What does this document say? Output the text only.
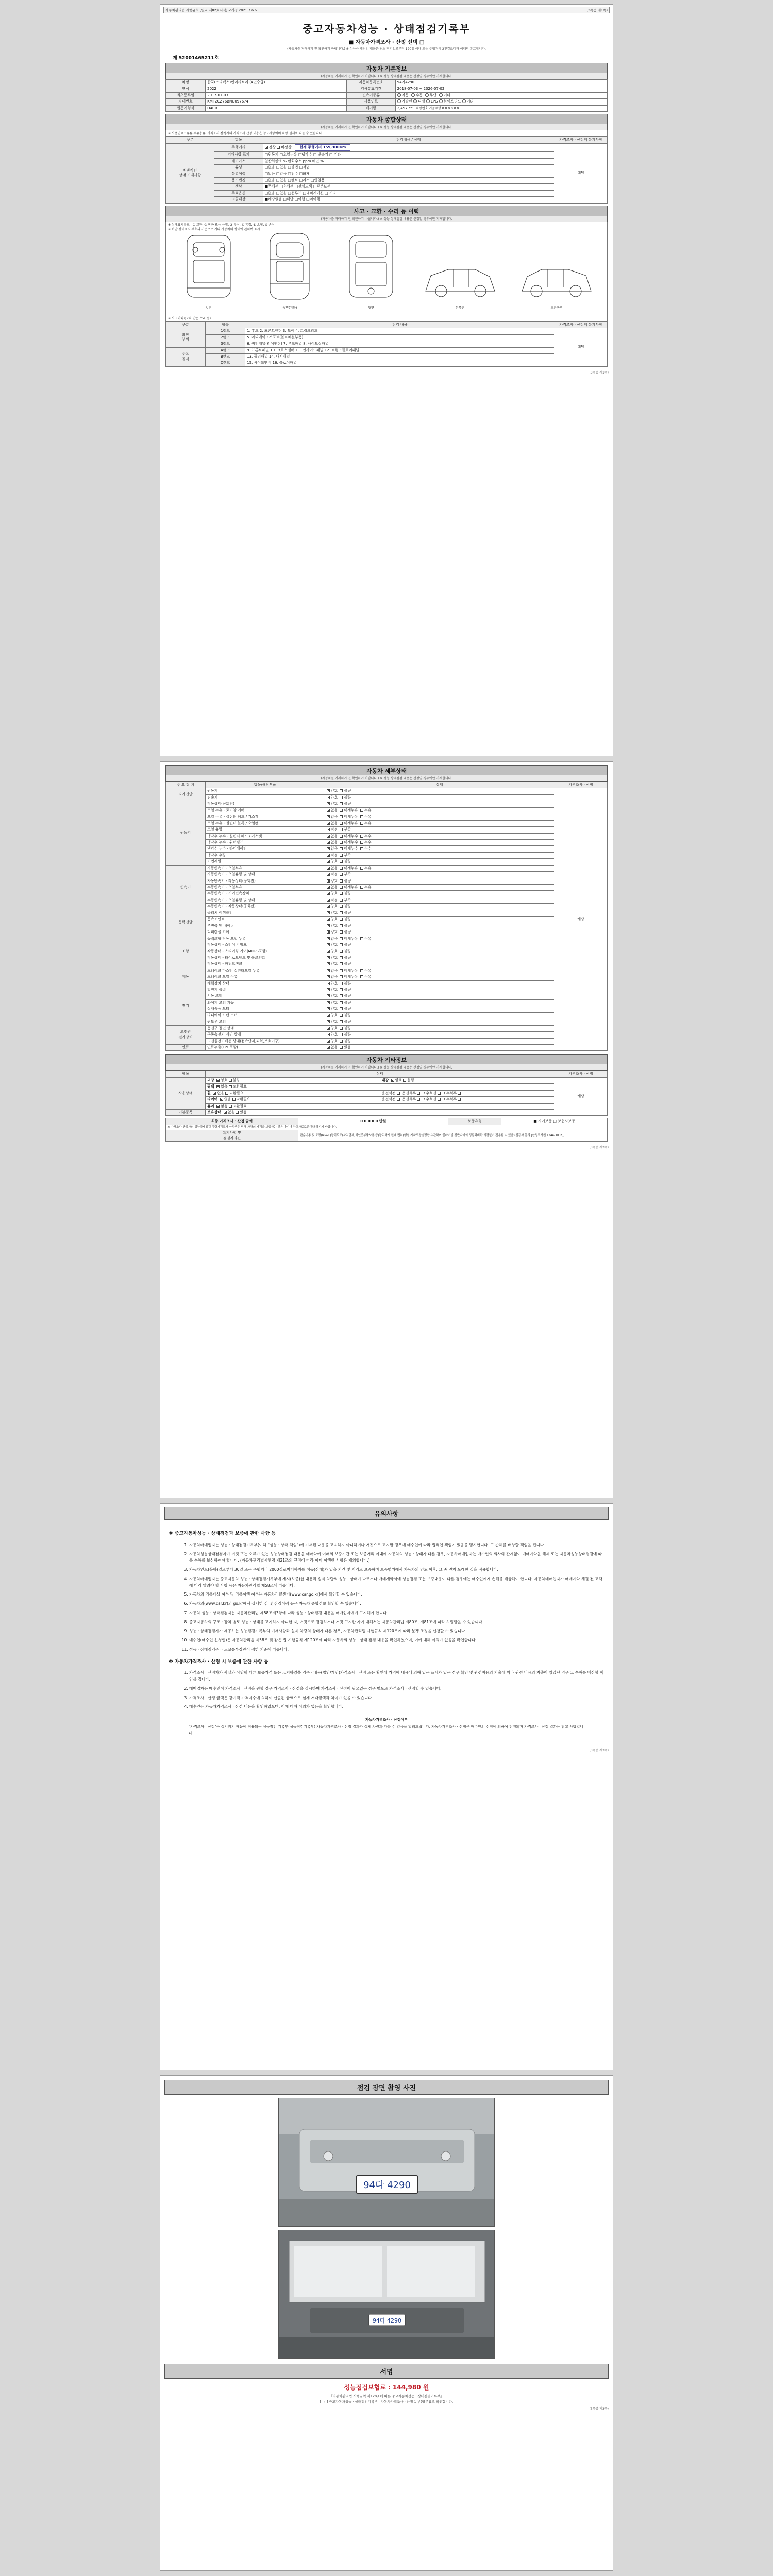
자동차관리법 시행규칙 [별지 제82호서식] <개정 2021.7.6.>	(3쪽중 제1쪽)
중고자동차성능 · 상태점검기록부
■ 자동차가격조사 · 산정 선택 □
(자동차를 거래하기 전 확인하기 바랍니다.) ※ 성능·상태점검 내용은 최초 점검일로부터 120일 이내 또는 주행거리 2천킬로미터 이내만 유효합니다.
제 52001465211호
자동차 기본정보
(자동차를 거래하기 전 확인하기 바랍니다.) ※ 성능·상태점검 내용은 산정일 경우에만 기재합니다.
차명	한국(스타렉스)벤리리트리 (4인승급)	자동차등록번호	94가4290
연식	2022	검사유효기간	2018-07-03 ~ 2026-07-02
최초등록일	2017-07-03	변속기종류	자동 수동 무단 기타
차대번호	KMFZCZ76BNU097674	사용연료	가솔린 디젤 LPG 하이브리드 기타
원동기형식	D4CB	배기량	2,497 cc 차량번호 기준주행 0 0 0 0 0 0
자동차 종합상태
(자동차를 거래하기 전 확인하기 바랍니다.) ※ 성능·상태점검 내용은 산정일 경우에만 기재합니다.
※ 사용연료 : 유류 주유용유, 가격조사·산정자의 가격조사·산정 내용은 참고사항이며 차량 실제와 다를 수 있습니다.
구분	항목	점검내용 / 상태	가격조사 · 산정액 특기사항
전반적인
상태 기재사항	주행거리	정상 비정상 현재 주행거리 159,300Km	해당
	기재사항 표기	□원동기 □오일누유 □냉각수 □ 변속기 □ 기타	
	배기가스	일산화탄소 % 탄화수소 ppm 매연 %	
	튜닝	□없음 □있음 □불법 □적법	
	특별이력	□없음 □있음 □침수 □화재	
	용도변경	□없음 □있음 □렌트 □리스 □영업용	
	색상	■무채색 □유채색 □전체도색 □부분도색	
	주요옵션	□없음 □있음 □선루프 □내비게이션 □ 기타	
	리콜대상	■해당없음 □해당 □이행 □미이행	
사고 · 교환 · 수리 등 이력
(자동차를 거래하기 전 확인하기 바랍니다.) ※ 성능·상태점검 내용은 산정일 경우에만 기재합니다.
※ 상태표시부호 : ① 교환, ② 판금 또는 용접, ③ 부식, ④ 흠집, ⑤ 요철, ⑥ 손상
※ 하단 상태표시 부호의 기준으로 기타 자동차의 상태에 관하여 표시
앞면	윗면(지붕)	뒷면	왼쪽면	오른쪽면
※ 사고이력 (교차·단순 수리 등)
구분	항목	점검 내용	가격조사 · 산정액 특기사항
외판
부위	1랭크	1. 후드 2. 프론트펜더 3. 도어 4. 트렁크리드	해당
	2랭크	5. 라디에이터서포트(볼트체결부품)	
	3랭크	6. 쿼터패널(리어펜더) 7. 루프패널 8. 사이드실패널	
주요
골격	A랭크	9. 프론트패널 10. 크로스멤버 11. 인사이드패널 12. 트렁크플로어패널	
	B랭크	13. 필러패널 14. 대시패널	
	C랭크	15. 사이드멤버 16. 플로어패널	
(3쪽중 제1쪽)
자동차 세부상태
(자동차를 거래하기 전 확인하기 바랍니다.) ※ 성능·상태점검 내용은 산정일 경우에만 기재합니다.
주 요 장 치	항목/해당부품	상태	가격조사 · 산정
자기진단	원동기	양호 불량	해당
	변속기	양호 불량	
원동기	작동상태(공회전)	양호 불량	
	오일 누유 - 로커암 커버	없음 미세누유 누유	
	오일 누유 - 실린더 헤드 / 가스켓	없음 미세누유 누유	
	오일 누유 - 실린더 블록 / 오일팬	없음 미세누유 누유	
	오일 유량	적정 부족	
	냉각수 누수 - 실린더 헤드 / 가스켓	없음 미세누수 누수	
	냉각수 누수 - 워터펌프	없음 미세누수 누수	
	냉각수 누수 - 라디에이터	없음 미세누수 누수	
	냉각수 수량	적정 부족	
	커먼레일	양호 불량	
변속기	자동변속기 - 오일누유	없음 미세누유 누유	
	자동변속기 - 오일유량 및 상태	적정 부족	
	자동변속기 - 작동상태(공회전)	양호 불량	
	수동변속기 - 오일누유	없음 미세누유 누유	
	수동변속기 - 기어변속장치	양호 불량	
	수동변속기 - 오일유량 및 상태	적정 부족	
	수동변속기 - 작동상태(공회전)	양호 불량	
동력전달	클러치 어셈블리	양호 불량	
	등속조인트	양호 불량	
	추진축 및 베어링	양호 불량	
	디퍼렌셜 기어	양호 불량	
조향	동력조향 작동 오일 누유	없음 미세누유 누유	
	작동상태 - 스티어링 펌프	양호 불량	
	작동상태 - 스티어링 기어(MDPS포함)	양호 불량	
	작동상태 - 타이로드엔드 및 볼조인트	양호 불량	
	작동상태 - 파워크랭크	양호 불량	
제동	브레이크 마스터 실린더오일 누유	없음 미세누유 누유	
	브레이크 오일 누유	없음 미세누유 누유	
	배력장치 상태	양호 불량	
전기	발전기 출력	양호 불량	
	시동 모터	양호 불량	
	와이퍼 모터 기능	양호 불량	
	실내송풍 모터	양호 불량	
	라디에이터 팬 모터	양호 불량	
	윈도우 모터	양호 불량	
고전원
전기장치	충전구 절연 상태	양호 불량	
	구동축전지 격리 상태	양호 불량	
	고전원전기배선 상태(접속단자,피복,보호기구)	양호 불량	
연료	연료누출(LPG포함)	없음 있음	
자동차 기타정보
(자동차를 거래하기 전 확인하기 바랍니다.) ※ 성능·상태점검 내용은 산정일 경우에만 기재합니다.
항목	상태		가격조사 · 산정
사용상태	외장 양호 불량	내장 양호 불량	해당
	광택 없음 교환필요		
	휠 없음 교환필요	운전석전  운전석후  조수석전  조수석후	
	타이어 없음 교환필요	운전석전  운전석후  조수석전  조수석후	
	유리 없음 교환필요		
기본품목	보유상태 없음 있음		
최종 가격조사 · 산정 금액	0 0 0 0 0 만원	보증유형	■ 자기보증 □ 보험사보증
※ 가격조사·산정자의 성능상태점검 차량가격조사·산정액은 당해 차량의 가격을 보증하는 것은 아니며 참고자료로만 활용하시기 바랍니다.			
특기사항 및
점검자의견	단순이동 및 도장(MP&L)장치로도(자치단체)비인증부품사용 등(장치하시 원래 면허(행별)시하도장별병합 수관하여 볼라이벌 전반지에의 정감과비하 의견없이 전용된 수 있음 (점검자 문의 [산정조사원 1544-3003])		
(3쪽중 제2쪽)
유의사항
※ 중고자동차성능 · 상태점검과 보증에 관한 사항 등
1. 자동차매매업자는 성능 · 상태점검기록부(이하 "성능 · 상태 책임")에 기재된 내용을 고지하지 아니하거나 거짓으로 고지할 경우에 매수인에 따라 법적인 책임이 있음을 명시합니다. 그 손해를 배상할 책임을 집니다.
2. 자동차성능상태점검자가 거짓 또는 오류가 있는 성능상태점검 내용을 매매약에 이래의 보증기간 또는 보증거리 이내에 자동차의 성능 · 상태가 다른 경우, 자동차매매업자는 매수인의 의사와 관계없이 매매계약을 해제 또는 자동차성능상태점검에 따를 손해를 보상하여야 합니다. (자동차관리법시행령 제21조의 규정에 따라 이미 이행한 사항은 제외합니다.)
3. 자동차인도(불하)일로부터 30일 또는 주행거리 2000킬로미터까지를 성능(상태)가 있을 기간 및 거리로 보증하며 보증범위에서 자동차의 인도 이후, 그 중 먼저 도래한 것을 적용합니다.
4. 자동차매매업자는 중고자동차 성능 · 상태점검기록부에 제시(보증)한 내용과 실제 차량의 성능 · 상태가 다르거나 매매계약서에 성능점검 또는 보증내용이 다른 경우에는 매수인에게 손해를 배상해야 합니다. 자동차매매업자가 매매계약 체결 전 고객에 미리 알려야 할 사항 등은 자동차관리법 제58조에 따릅니다.
5. 자동차의 리콜대상 여부 및 리콜이행 여부는 자동차리콜센터(www.car.go.kr)에서 확인할 수 있습니다.
6. 자동차의(www.car.kr)의 go.kr에서 상세한 검 및 점검이력 등은 자동차 종합정보 확인할 수 있습니다.
7. 자동차 성능 · 상태점검자는 자동차관리법 제58조제3항에 따라 성능 · 상태점검 내용을 매매업자에게 고지해야 합니다.
8. 중고자동차의 구조 · 장치 별로 성능 · 상태를 고지하지 아니한 자, 거짓으로 점검하거나 거짓 고지한 자에 대해서는 자동차관리법 제80조, 제81조에 따라 처벌받을 수 있습니다.
9. 성능 · 상태점검자가 제공하는 성능점검기록부의 기재사항과 실제 차량의 상태가 다른 경우, 자동차관리법 시행규칙 제120조에 따라 분쟁 조정을 신청할 수 있습니다.
10. 매수인(매수인 신청인)은 자동차관리법 제58조 및 같은 법 시행규칙 제120조에 따라 자동차의 성능 · 상태 점검 내용을 확인하였으며, 이에 대해 이의가 없음을 확인합니다.
11. 성능 · 상태점검은 국토교통부장관이 정한 기준에 따릅니다.
※ 자동차가격조사 · 산정 시 보증에 관한 사항 등
1. 가격조사 · 산정자가 사실과 상당히 다른 보증가격 또는 고지하였을 경우 · 내용(법인/개인)가격조사 · 산정 또는 확인에 가격에 내용에 의해 있는 표시가 있는 경우 확인 및 관련비용의 지출에 따라 관련 비용의 지출이 있었던 경우 그 손해를 배상할 책임을 집니다.
2. 매매업자는 매수인이 가격조사 · 산정을 원할 경우 가격조사 · 산정을 실시하며 가격조사 · 산정이 필요없는 경우 별도로 가격조사 · 산정할 수 있습니다.
3. 가격조사 · 산정 금액은 강기적 가격지수에 의하여 산출된 금액으로 실제 거래금액과 차이가 있을 수 있습니다.
4. 매수인은 자동차가격조사 · 산정 내용을 확인하였으며, 이에 대해 이의가 없음을 확인합니다.
자동차가격조사 · 산정여부
"가격조사 · 산정"은 실시키기 때문에 적용되는 성능점검 기록부(성능점검기록부) 자동차가격조사 · 산정 결과가 실제 차량과 다를 수 있음을 알려드립니다. 자동차가격조사 · 산정은 매수인의 신청에 의하여 진행되며 가격조사 · 산정 결과는 참고 사항입니다.
(3쪽중 제3쪽)
점검 장면 촬영 사진
94다 4290
94다 4290
서명
성능점검보험료 : 144,980 원
『자동차관리법 시행규칙 제120조에 따른 중고자동차성능 · 상태점검기록부』
[ ㄱ ] 중고자동차성능 · 상태점검기록부 | 자동차가격조사 · 산정 1 부(영문참조 확인합니다.
(3쪽중 제3쪽)
